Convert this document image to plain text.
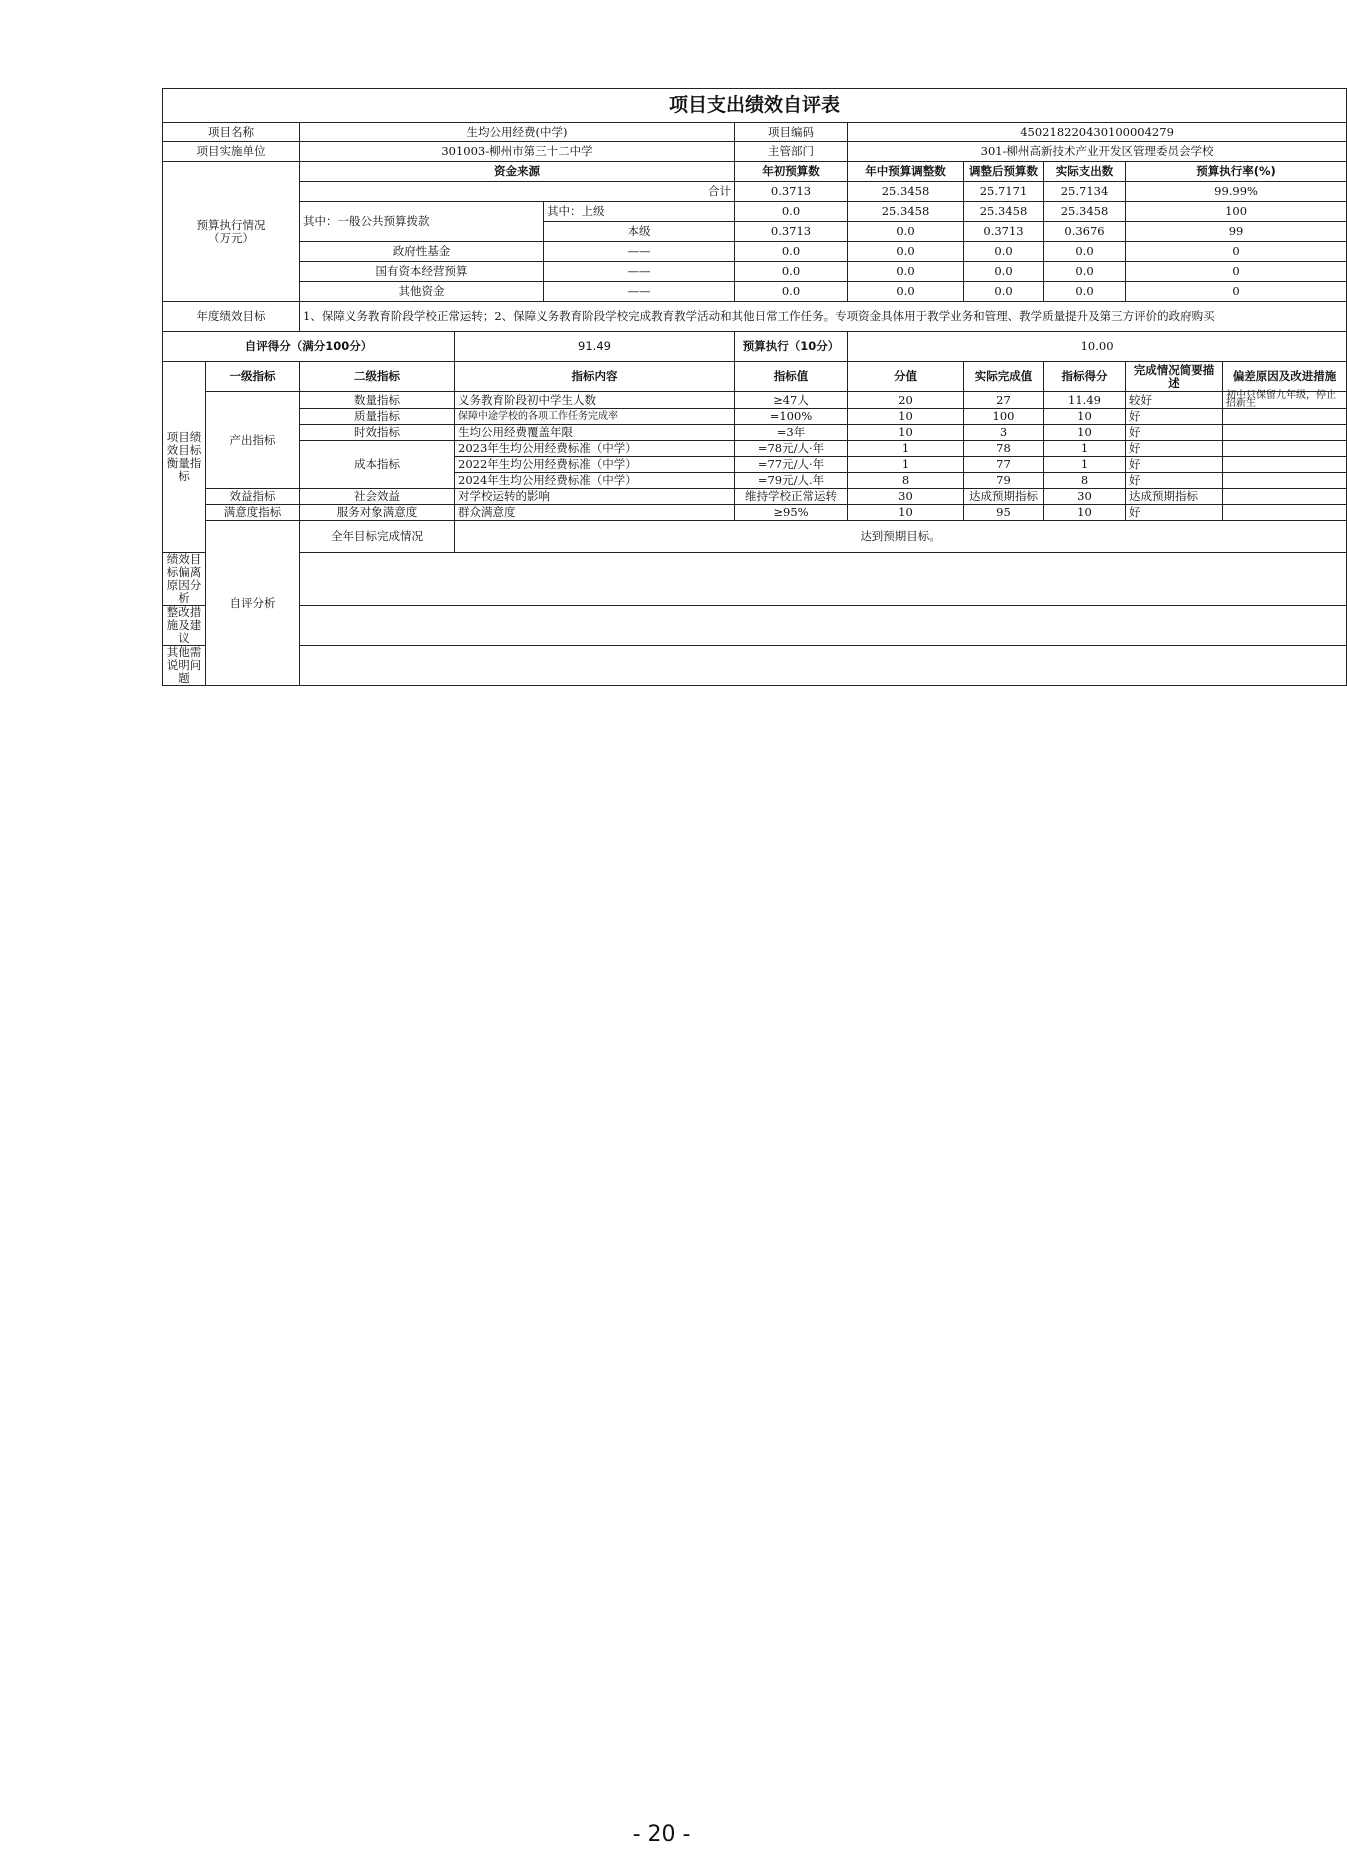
项目支出绩效自评表										
项目名称		生均公用经费(中学)			项目编码	450218220430100004279				
项目实施单位		301003-柳州市第三十二中学			主管部门	301-柳州高新技术产业开发区管理委员会学校				
预算执行情况
（万元）		资金来源			年初预算数	年中预算调整数	调整后预算数	实际支出数	预算执行率(%)	
		合计			0.3713	25.3458	25.7171	25.7134	99.99%	
		其中：一般公共预算拨款		其中：上级	0.0	25.3458	25.3458	25.3458	100	
				本级	0.3713	0.0	0.3713	0.3676	99	
		政府性基金		——	0.0	0.0	0.0	0.0	0	
		国有资本经营预算		——	0.0	0.0	0.0	0.0	0	
		其他资金		——	0.0	0.0	0.0	0.0	0	
年度绩效目标		1、保障义务教育阶段学校正常运转；2、保障义务教育阶段学校完成教育教学活动和其他日常工作任务。专项资金具体用于教学业务和管理、教学质量提升及第三方评价的政府购买								
自评得分（满分100分）			91.49		预算执行（10分）	10.00				
项目绩效目标衡量指标	一级指标	二级指标	指标内容		指标值	分值	实际完成值	指标得分	完成情况简要描述	偏差原因及改进措施
	产出指标	数量指标	义务教育阶段初中学生人数		≥47人	20	27	11.49	较好	初中只保留九年级，停止招新生
		质量指标	保障中途学校的各项工作任务完成率		=100%	10	100	10	好	
		时效指标	生均公用经费覆盖年限		=3年	10	3	10	好	
		成本指标	2023年生均公用经费标准（中学）		=78元/人·年	1	78	1	好	
			2022年生均公用经费标准（中学）		=77元/人·年	1	77	1	好	
			2024年生均公用经费标准（中学）		=79元/人.年	8	79	8	好	
	效益指标	社会效益	对学校运转的影响		维持学校正常运转	30	达成预期指标	30	达成预期指标	
	满意度指标	服务对象满意度	群众满意度		≥95%	10	95	10	好	
	自评分析	全年目标完成情况	达到预期目标。							
绩效目标偏离原因分析										
整改措施及建议										
其他需说明问题										
- 20 -
